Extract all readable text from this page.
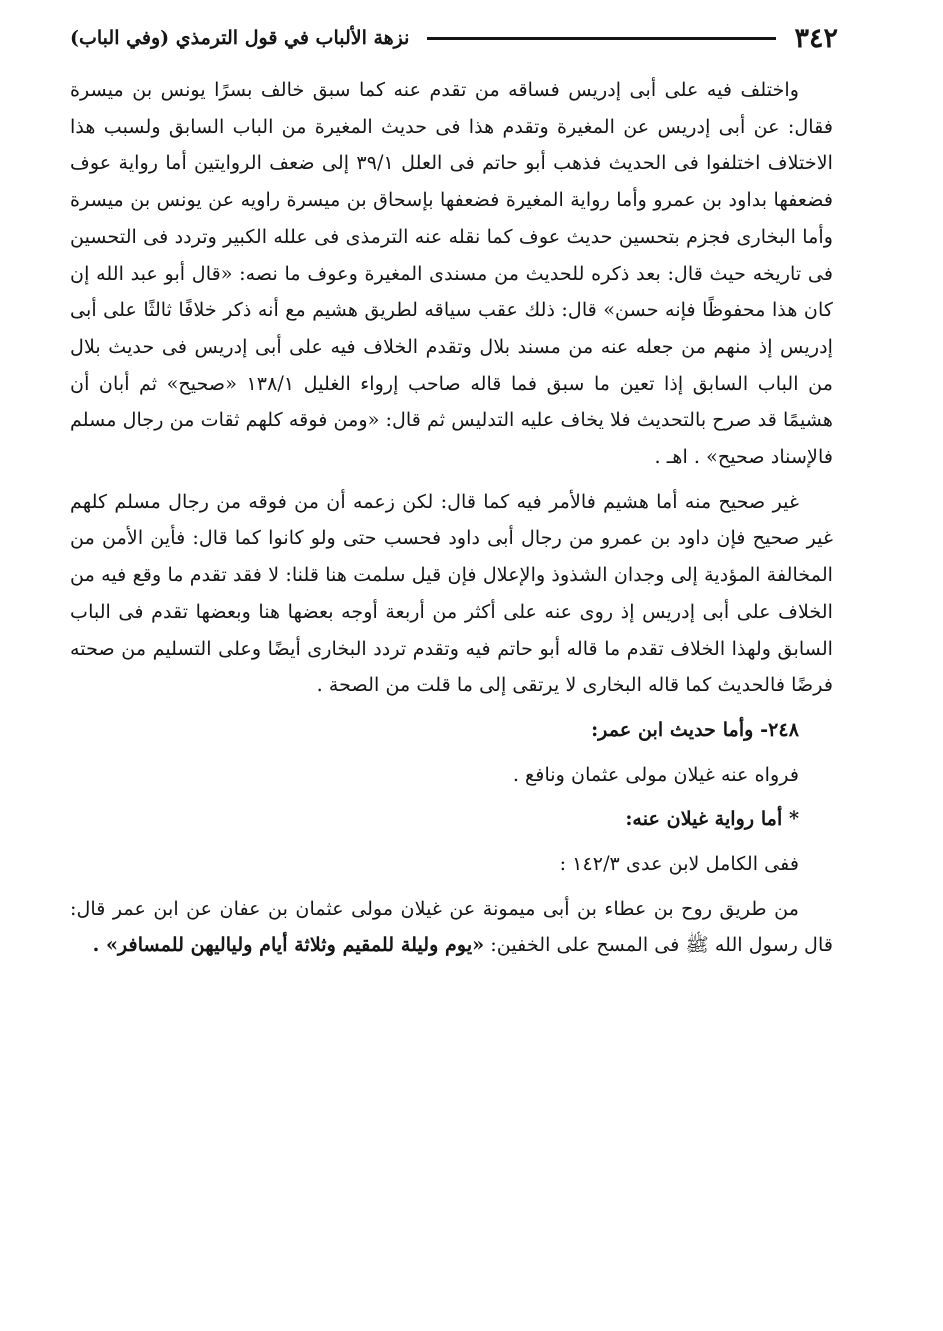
٣٤٢
نزهة الألباب في قول الترمذي (وفي الباب)

واختلف فيه على أبى إدريس فساقه من تقدم عنه كما سبق خالف بسرًا يونس بن ميسرة فقال: عن أبى إدريس عن المغيرة وتقدم هذا فى حديث المغيرة من الباب السابق ولسبب هذا الاختلاف اختلفوا فى الحديث فذهب أبو حاتم فى العلل ٣٩/١ إلى ضعف الروايتين أما رواية عوف فضعفها بداود بن عمرو وأما رواية المغيرة فضعفها بإسحاق بن ميسرة راويه عن يونس بن ميسرة وأما البخارى فجزم بتحسين حديث عوف كما نقله عنه الترمذى فى علله الكبير وتردد فى التحسين فى تاريخه حيث قال: بعد ذكره للحديث من مسندى المغيرة وعوف ما نصه: «قال أبو عبد الله إن كان هذا محفوظًا فإنه حسن» قال: ذلك عقب سياقه لطريق هشيم مع أنه ذكر خلافًا ثالثًا على أبى إدريس إذ منهم من جعله عنه من مسند بلال وتقدم الخلاف فيه على أبى إدريس فى حديث بلال من الباب السابق إذا تعين ما سبق فما قاله صاحب إرواء الغليل ١٣٨/١ «صحيح» ثم أبان أن هشيمًا قد صرح بالتحديث فلا يخاف عليه التدليس ثم قال: «ومن فوقه كلهم ثقات من رجال مسلم فالإسناد صحيح» . اهـ .

غير صحيح منه أما هشيم فالأمر فيه كما قال: لكن زعمه أن من فوقه من رجال مسلم كلهم غير صحيح فإن داود بن عمرو من رجال أبى داود فحسب حتى ولو كانوا كما قال: فأين الأمن من المخالفة المؤدية إلى وجدان الشذوذ والإعلال فإن قيل سلمت هنا قلنا: لا فقد تقدم ما وقع فيه من الخلاف على أبى إدريس إذ روى عنه على أكثر من أربعة أوجه بعضها هنا وبعضها تقدم فى الباب السابق ولهذا الخلاف تقدم ما قاله أبو حاتم فيه وتقدم تردد البخارى أيضًا وعلى التسليم من صحته فرضًا فالحديث كما قاله البخارى لا يرتقى إلى ما قلت من الصحة .

٢٤٨- وأما حديث ابن عمر:

فرواه عنه غيلان مولى عثمان ونافع .

* أما رواية غيلان عنه:

ففى الكامل لابن عدى ١٤٢/٣ :

من طريق روح بن عطاء بن أبى ميمونة عن غيلان مولى عثمان بن عفان عن ابن عمر قال: قال رسول الله ﷺ فى المسح على الخفين: «يوم وليلة للمقيم وثلاثة أيام ولياليهن للمسافر» .
